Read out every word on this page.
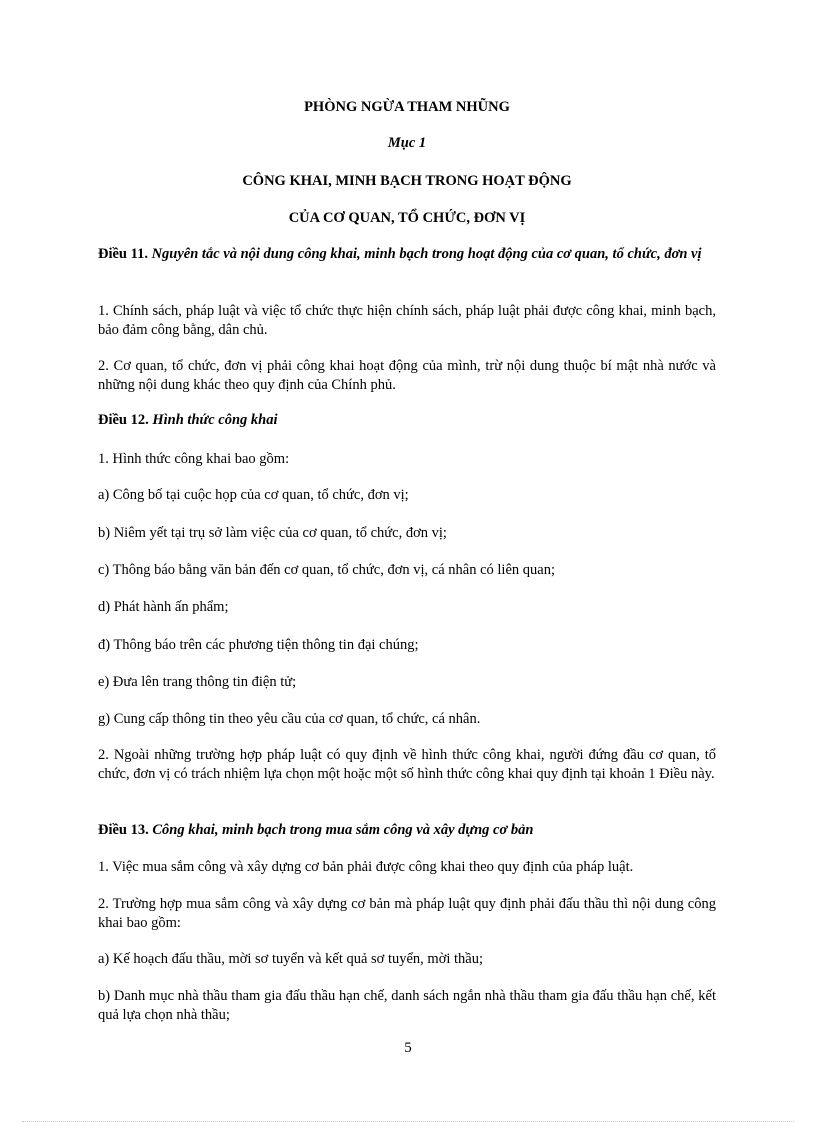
PHÒNG NGỪA THAM NHŨNG
Mục 1
CÔNG KHAI, MINH BẠCH TRONG HOẠT ĐỘNG
CỦA CƠ QUAN, TỔ CHỨC, ĐƠN VỊ
Điều 11. Nguyên tắc và nội dung công khai, minh bạch trong hoạt động của cơ quan, tổ chức, đơn vị
1. Chính sách, pháp luật và việc tổ chức thực hiện chính sách, pháp luật phải được công khai, minh bạch, bảo đảm công bằng, dân chủ.
2. Cơ quan, tổ chức, đơn vị phải công khai hoạt động của mình, trừ nội dung thuộc bí mật nhà nước và những nội dung khác theo quy định của Chính phủ.
Điều 12. Hình thức công khai
1. Hình thức công khai bao gồm:
a) Công bố tại cuộc họp của cơ quan, tổ chức, đơn vị;
b) Niêm yết tại trụ sở làm việc của cơ quan, tổ chức, đơn vị;
c) Thông báo bằng văn bản đến cơ quan, tổ chức, đơn vị, cá nhân có liên quan;
d) Phát hành ấn phẩm;
đ) Thông báo trên các phương tiện thông tin đại chúng;
e) Đưa lên trang thông tin điện tử;
g) Cung cấp thông tin theo yêu cầu của cơ quan, tổ chức, cá nhân.
2. Ngoài những trường hợp pháp luật có quy định về hình thức công khai, người đứng đầu cơ quan, tổ chức, đơn vị có trách nhiệm lựa chọn một hoặc một số hình thức công khai quy định tại khoản 1 Điều này.
Điều 13. Công khai, minh bạch trong mua sắm công và xây dựng cơ bản
1. Việc mua sắm công và xây dựng cơ bản phải được công khai theo quy định của pháp luật.
2. Trường hợp mua sắm công và xây dựng cơ bản mà pháp luật quy định phải đấu thầu thì nội dung công khai bao gồm:
a) Kế hoạch đấu thầu, mời sơ tuyển và kết quả sơ tuyển, mời thầu;
b) Danh mục nhà thầu tham gia đấu thầu hạn chế, danh sách ngắn nhà thầu tham gia đấu thầu hạn chế, kết quả lựa chọn nhà thầu;
5
